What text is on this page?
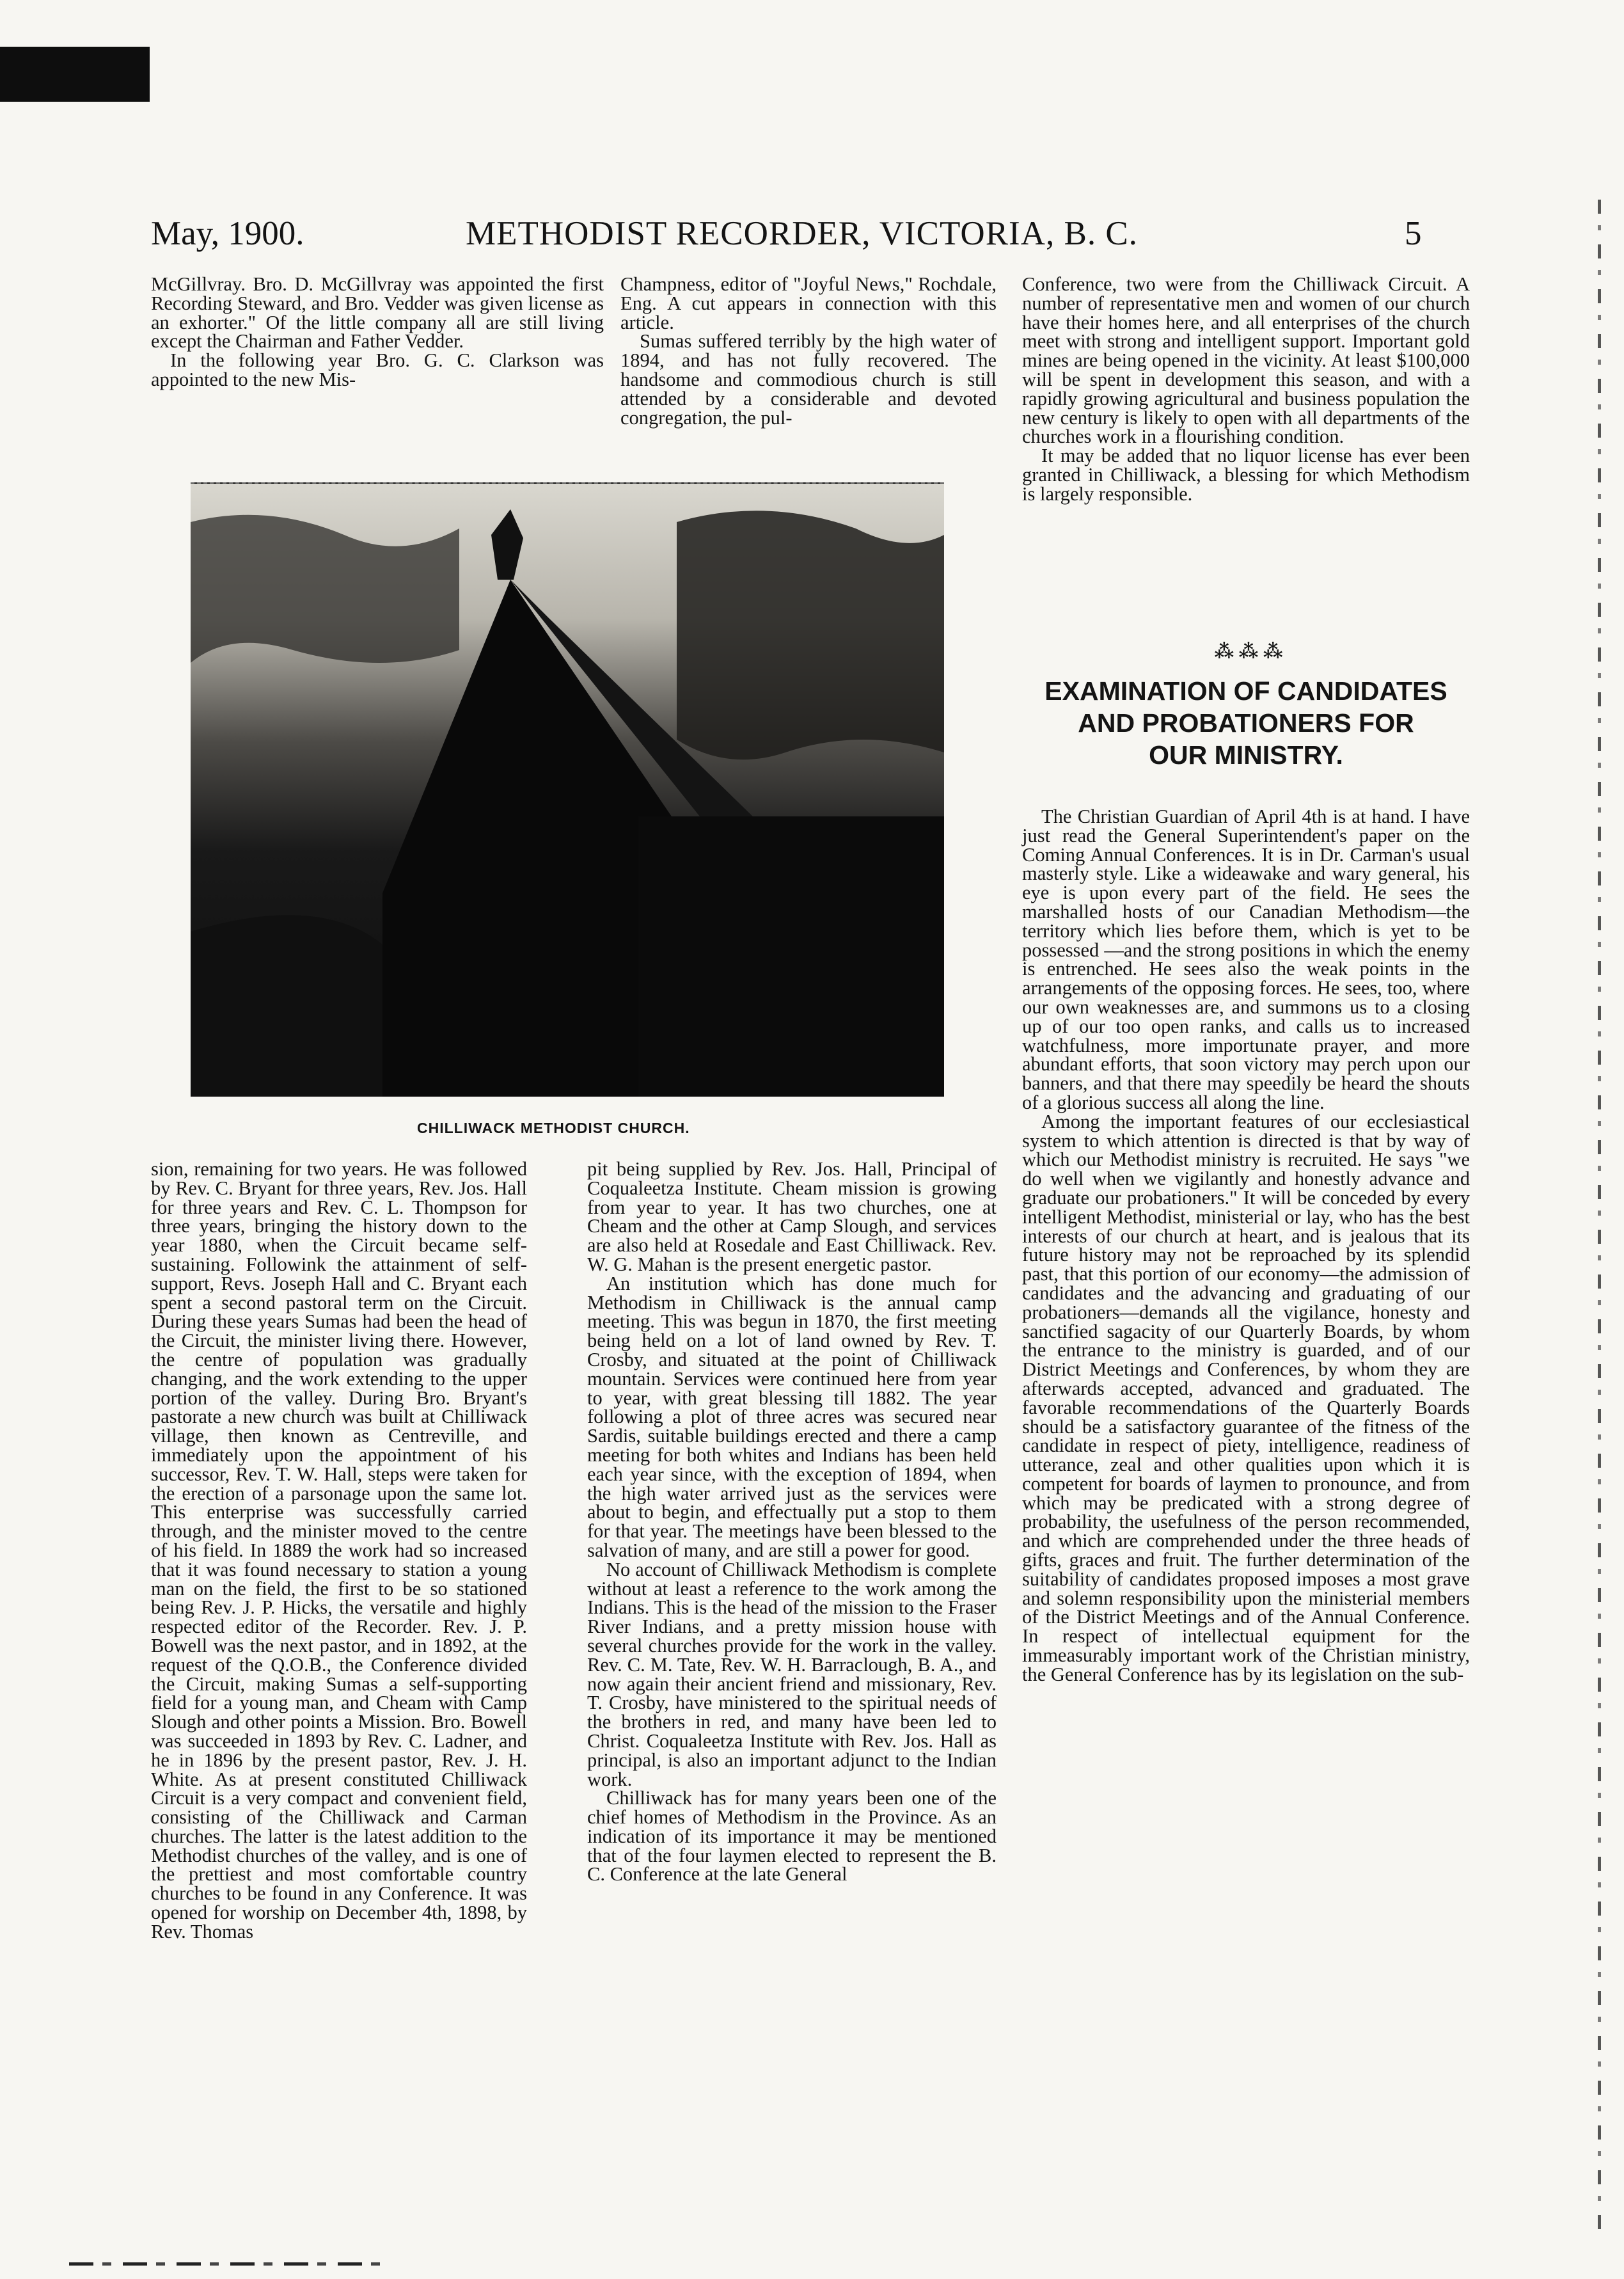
May, 1900.	METHODIST RECORDER, VICTORIA, B. C.	5

McGillvray. Bro. D. McGillvray was appointed the first Recording Steward, and Bro. Vedder was given license as an exhorter." Of the little company all are still living except the Chairman and Father Vedder.

In the following year Bro. G. C. Clarkson was appointed to the new Mis-

Champness, editor of "Joyful News," Rochdale, Eng. A cut appears in connection with this article.

Sumas suffered terribly by the high water of 1894, and has not fully recovered. The handsome and commodious church is still attended by a considerable and devoted congregation, the pul-

Conference, two were from the Chilliwack Circuit. A number of representative men and women of our church have their homes here, and all enterprises of the church meet with strong and intelligent support. Important gold mines are being opened in the vicinity. At least $100,000 will be spent in development this season, and with a rapidly growing agricultural and business population the new century is likely to open with all departments of the churches work in a flourishing condition.

It may be added that no liquor license has ever been granted in Chilliwack, a blessing for which Methodism is largely responsible.

⁂ ⁂ ⁂
EXAMINATION OF CANDIDATES
AND PROBATIONERS FOR
OUR MINISTRY.
CHILLIWACK METHODIST CHURCH.

sion, remaining for two years. He was followed by Rev. C. Bryant for three years, Rev. Jos. Hall for three years and Rev. C. L. Thompson for three years, bringing the history down to the year 1880, when the Circuit became self-sustaining. Followink the attainment of self-support, Revs. Joseph Hall and C. Bryant each spent a second pastoral term on the Circuit. During these years Sumas had been the head of the Circuit, the minister living there. However, the centre of population was gradually changing, and the work extending to the upper portion of the valley. During Bro. Bryant's pastorate a new church was built at Chilliwack village, then known as Centreville, and immediately upon the appointment of his successor, Rev. T. W. Hall, steps were taken for the erection of a parsonage upon the same lot. This enterprise was successfully carried through, and the minister moved to the centre of his field. In 1889 the work had so increased that it was found necessary to station a young man on the field, the first to be so stationed being Rev. J. P. Hicks, the versatile and highly respected editor of the Recorder. Rev. J. P. Bowell was the next pastor, and in 1892, at the request of the Q.O.B., the Conference divided the Circuit, making Sumas a self-supporting field for a young man, and Cheam with Camp Slough and other points a Mission. Bro. Bowell was succeeded in 1893 by Rev. C. Ladner, and he in 1896 by the present pastor, Rev. J. H. White. As at present constituted Chilliwack Circuit is a very compact and convenient field, consisting of the Chilliwack and Carman churches. The latter is the latest addition to the Methodist churches of the valley, and is one of the prettiest and most comfortable country churches to be found in any Conference. It was opened for worship on December 4th, 1898, by Rev. Thomas

pit being supplied by Rev. Jos. Hall, Principal of Coqualeetza Institute. Cheam mission is growing from year to year. It has two churches, one at Cheam and the other at Camp Slough, and services are also held at Rosedale and East Chilliwack. Rev. W. G. Mahan is the present energetic pastor.

An institution which has done much for Methodism in Chilliwack is the annual camp meeting. This was begun in 1870, the first meeting being held on a lot of land owned by Rev. T. Crosby, and situated at the point of Chilliwack mountain. Services were continued here from year to year, with great blessing till 1882. The year following a plot of three acres was secured near Sardis, suitable buildings erected and there a camp meeting for both whites and Indians has been held each year since, with the exception of 1894, when the high water arrived just as the services were about to begin, and effectually put a stop to them for that year. The meetings have been blessed to the salvation of many, and are still a power for good.

No account of Chilliwack Methodism is complete without at least a reference to the work among the Indians. This is the head of the mission to the Fraser River Indians, and a pretty mission house with several churches provide for the work in the valley. Rev. C. M. Tate, Rev. W. H. Barraclough, B. A., and now again their ancient friend and missionary, Rev. T. Crosby, have ministered to the spiritual needs of the brothers in red, and many have been led to Christ. Coqualeetza Institute with Rev. Jos. Hall as principal, is also an important adjunct to the Indian work.

Chilliwack has for many years been one of the chief homes of Methodism in the Province. As an indication of its importance it may be mentioned that of the four laymen elected to represent the B. C. Conference at the late General

The Christian Guardian of April 4th is at hand. I have just read the General Superintendent's paper on the Coming Annual Conferences. It is in Dr. Carman's usual masterly style. Like a wideawake and wary general, his eye is upon every part of the field. He sees the marshalled hosts of our Canadian Methodism—the territory which lies before them, which is yet to be possessed —and the strong positions in which the enemy is entrenched. He sees also the weak points in the arrangements of the opposing forces. He sees, too, where our own weaknesses are, and summons us to a closing up of our too open ranks, and calls us to increased watchfulness, more importunate prayer, and more abundant efforts, that soon victory may perch upon our banners, and that there may speedily be heard the shouts of a glorious success all along the line.

Among the important features of our ecclesiastical system to which attention is directed is that by way of which our Methodist ministry is recruited. He says "we do well when we vigilantly and honestly advance and graduate our probationers." It will be conceded by every intelligent Methodist, ministerial or lay, who has the best interests of our church at heart, and is jealous that its future history may not be reproached by its splendid past, that this portion of our economy—the admission of candidates and the advancing and graduating of our probationers—demands all the vigilance, honesty and sanctified sagacity of our Quarterly Boards, by whom the entrance to the ministry is guarded, and of our District Meetings and Conferences, by whom they are afterwards accepted, advanced and graduated. The favorable recommendations of the Quarterly Boards should be a satisfactory guarantee of the fitness of the candidate in respect of piety, intelligence, readiness of utterance, zeal and other qualities upon which it is competent for boards of laymen to pronounce, and from which may be predicated with a strong degree of probability, the usefulness of the person recommended, and which are comprehended under the three heads of gifts, graces and fruit. The further determination of the suitability of candidates proposed imposes a most grave and solemn responsibility upon the ministerial members of the District Meetings and of the Annual Conference. In respect of intellectual equipment for the immeasurably important work of the Christian ministry, the General Conference has by its legislation on the sub-
